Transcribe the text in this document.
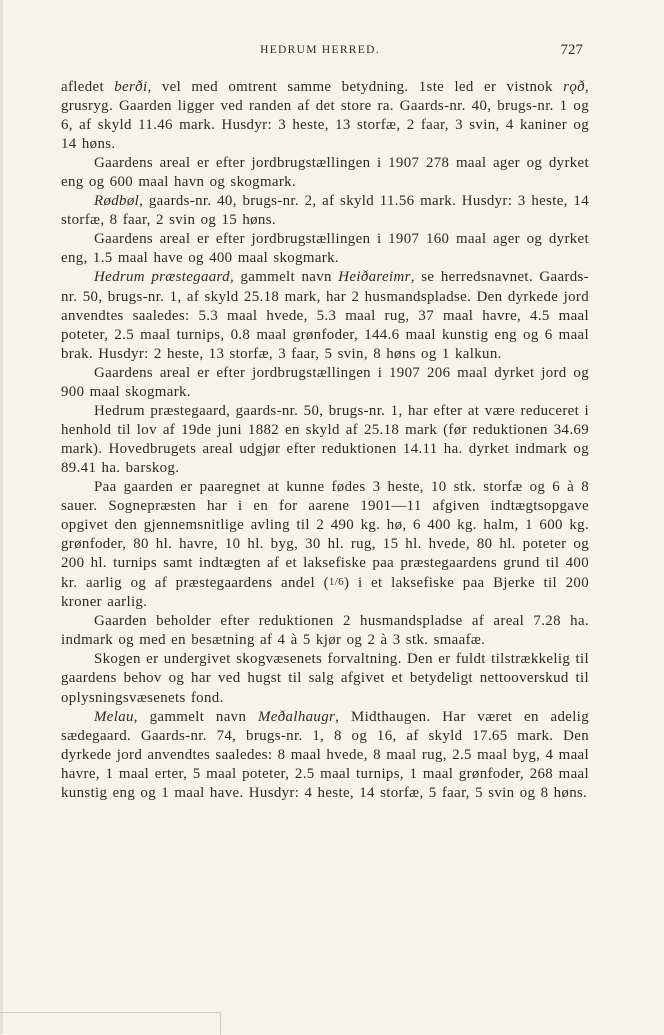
HEDRUM HERRED.	727

afledet berði, vel med omtrent samme betydning. 1ste led er vistnok rǫð, grusryg. Gaarden ligger ved randen af det store ra. Gaards-nr. 40, brugs-nr. 1 og 6, af skyld 11.46 mark. Husdyr: 3 heste, 13 storfæ, 2 faar, 3 svin, 4 kaniner og 14 høns.

Gaardens areal er efter jordbrugstællingen i 1907 278 maal ager og dyrket eng og 600 maal havn og skogmark.

Rødbøl, gaards-nr. 40, brugs-nr. 2, af skyld 11.56 mark. Husdyr: 3 heste, 14 storfæ, 8 faar, 2 svin og 15 høns.

Gaardens areal er efter jordbrugstællingen i 1907 160 maal ager og dyrket eng, 1.5 maal have og 400 maal skogmark.

Hedrum præstegaard, gammelt navn Heiðareimr, se herredsnavnet. Gaards-nr. 50, brugs-nr. 1, af skyld 25.18 mark, har 2 husmandspladse. Den dyrkede jord anvendtes saaledes: 5.3 maal hvede, 5.3 maal rug, 37 maal havre, 4.5 maal poteter, 2.5 maal turnips, 0.8 maal grønfoder, 144.6 maal kunstig eng og 6 maal brak. Husdyr: 2 heste, 13 storfæ, 3 faar, 5 svin, 8 høns og 1 kalkun.

Gaardens areal er efter jordbrugstællingen i 1907 206 maal dyrket jord og 900 maal skogmark.

Hedrum præstegaard, gaards-nr. 50, brugs-nr. 1, har efter at være reduceret i henhold til lov af 19de juni 1882 en skyld af 25.18 mark (før reduktionen 34.69 mark). Hovedbrugets areal udgjør efter reduktionen 14.11 ha. dyrket indmark og 89.41 ha. barskog.

Paa gaarden er paaregnet at kunne fødes 3 heste, 10 stk. storfæ og 6 à 8 sauer. Sognepræsten har i en for aarene 1901—11 afgiven indtægtsopgave opgivet den gjennemsnitlige avling til 2 490 kg. hø, 6 400 kg. halm, 1 600 kg. grønfoder, 80 hl. havre, 10 hl. byg, 30 hl. rug, 15 hl. hvede, 80 hl. poteter og 200 hl. turnips samt indtægten af et laksefiske paa præstegaardens grund til 400 kr. aarlig og af præstegaardens andel (1/6) i et laksefiske paa Bjerke til 200 kroner aarlig.

Gaarden beholder efter reduktionen 2 husmandspladse af areal 7.28 ha. indmark og med en besætning af 4 à 5 kjør og 2 à 3 stk. smaafæ.

Skogen er undergivet skogvæsenets forvaltning. Den er fuldt tilstrækkelig til gaardens behov og har ved hugst til salg afgivet et betydeligt nettooverskud til oplysningsvæsenets fond.

Melau, gammelt navn Meðalhaugr, Midthaugen. Har været en adelig sædegaard. Gaards-nr. 74, brugs-nr. 1, 8 og 16, af skyld 17.65 mark. Den dyrkede jord anvendtes saaledes: 8 maal hvede, 8 maal rug, 2.5 maal byg, 4 maal havre, 1 maal erter, 5 maal poteter, 2.5 maal turnips, 1 maal grønfoder, 268 maal kunstig eng og 1 maal have. Husdyr: 4 heste, 14 storfæ, 5 faar, 5 svin og 8 høns.
